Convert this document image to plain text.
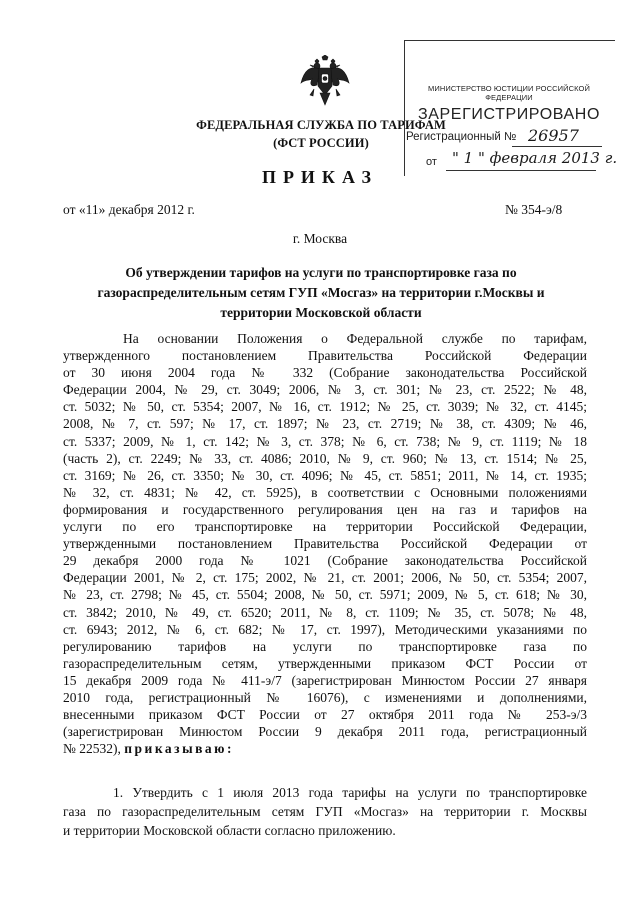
ФЕДЕРАЛЬНАЯ СЛУЖБА ПО ТАРИФАМ
(ФСТ РОССИИ)
МИНИСТЕРСТВО ЮСТИЦИИ РОССИЙСКОЙ ФЕДЕРАЦИИ
ЗАРЕГИСТРИРОВАНО
Регистрационный № 26957
от " 1 " февраля 2013 г.
ПРИКАЗ
от «11» декабря 2012 г.	№ 354-э/8
г. Москва
Об утверждении тарифов на услуги по транспортировке газа по
газораспределительным сетям ГУП «Мосгаз» на территории г.Москвы и
территории Московской области
На основании Положения о Федеральной службе по тарифам,
утвержденного постановлением Правительства Российской Федерации
от 30 июня 2004 года № 332 (Собрание законодательства Российской
Федерации 2004, № 29, ст. 3049; 2006, № 3, ст. 301; № 23, ст. 2522; № 48,
ст. 5032; № 50, ст. 5354; 2007, № 16, ст. 1912; № 25, ст. 3039; № 32, ст. 4145;
2008, № 7, ст. 597; № 17, ст. 1897; № 23, ст. 2719; № 38, ст. 4309; № 46,
ст. 5337; 2009, № 1, ст. 142; № 3, ст. 378; № 6, ст. 738; № 9, ст. 1119; № 18
(часть 2), ст. 2249; № 33, ст. 4086; 2010, № 9, ст. 960; № 13, ст. 1514; № 25,
ст. 3169; № 26, ст. 3350; № 30, ст. 4096; № 45, ст. 5851; 2011, № 14, ст. 1935;
№ 32, ст. 4831; № 42, ст. 5925), в соответствии с Основными положениями
формирования и государственного регулирования цен на газ и тарифов на
услуги по его транспортировке на территории Российской Федерации,
утвержденными постановлением Правительства Российской Федерации от
29 декабря 2000 года № 1021 (Собрание законодательства Российской
Федерации 2001, № 2, ст. 175; 2002, № 21, ст. 2001; 2006, № 50, ст. 5354; 2007,
№ 23, ст. 2798; № 45, ст. 5504; 2008, № 50, ст. 5971; 2009, № 5, ст. 618; № 30,
ст. 3842; 2010, № 49, ст. 6520; 2011, № 8, ст. 1109; № 35, ст. 5078; № 48,
ст. 6943; 2012, № 6, ст. 682; № 17, ст. 1997), Методическими указаниями по
регулированию тарифов на услуги по транспортировке газа по
газораспределительным сетям, утвержденными приказом ФСТ России от
15 декабря 2009 года № 411-э/7 (зарегистрирован Минюстом России 27 января
2010 года, регистрационный № 16076), с изменениями и дополнениями,
внесенными приказом ФСТ России от 27 октября 2011 года № 253-э/3
(зарегистрирован Минюстом России 9 декабря 2011 года, регистрационный
№ 22532), приказываю:
1. Утвердить с 1 июля 2013 года тарифы на услуги по транспортировке
газа по газораспределительным сетям ГУП «Мосгаз» на территории г. Москвы
и территории Московской области согласно приложению.
